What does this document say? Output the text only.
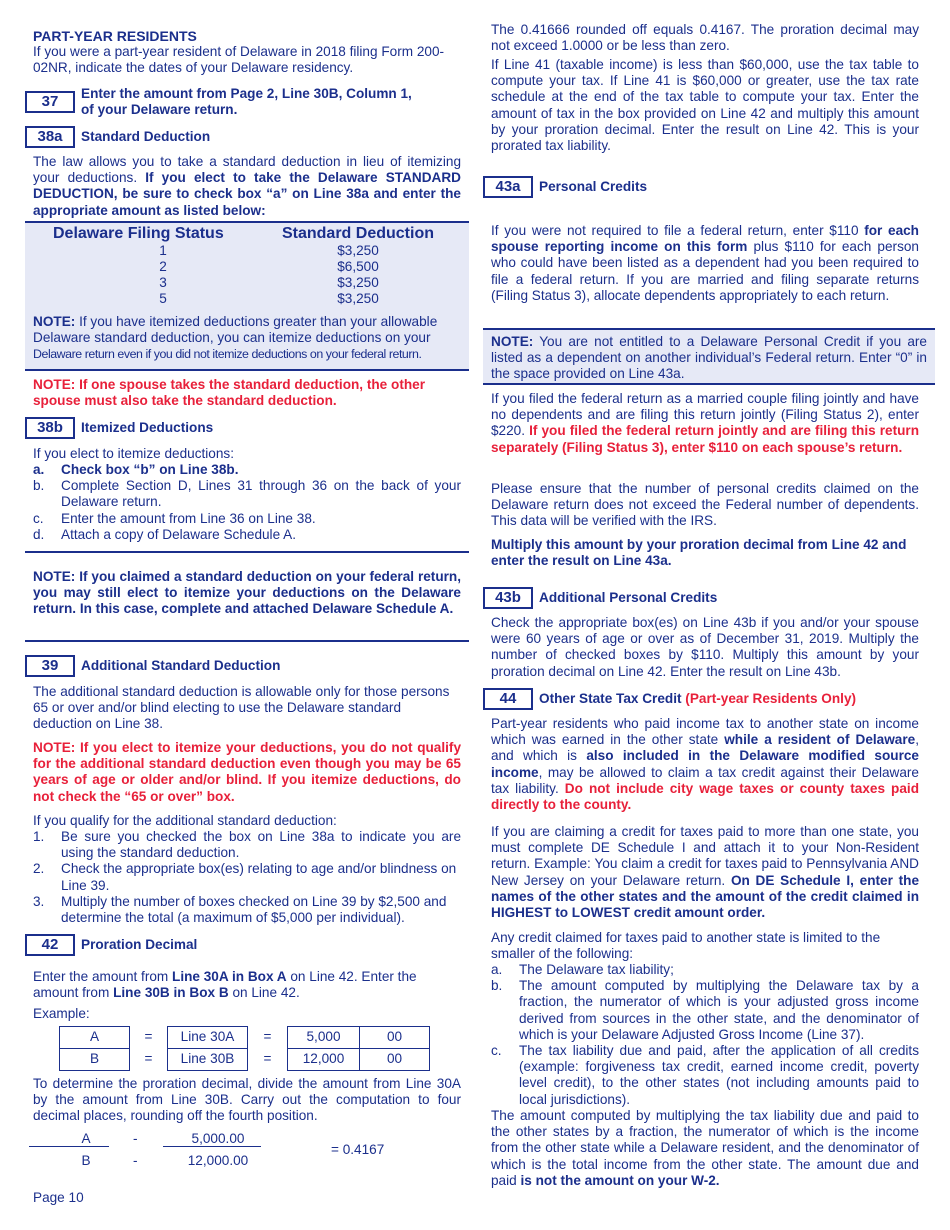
PART-YEAR RESIDENTS

If you were a part-year resident of Delaware in 2018 filing Form 200-02NR, indicate the dates of your Delaware residency.

37	Enter the amount from Page 2, Line 30B, Column 1,
of your Delaware return.
38a	Standard Deduction

The law allows you to take a standard deduction in lieu of itemizing your deductions. If you elect to take the Delaware STANDARD DEDUCTION, be sure to check box “a” on Line 38a and enter the appropriate amount as listed below:

Delaware Filing Status	Standard Deduction
1	$3,250
2	$6,500
3	$3,250
5	$3,250
NOTE: If you have itemized deductions greater than your allowable Delaware standard deduction, you can itemize deductions on your
Delaware return even if you did not itemize deductions on your federal return.

NOTE: If one spouse takes the standard deduction, the other spouse must also take the standard deduction.

38b	Itemized Deductions

If you elect to itemize deductions:

a.	Check box “b” on Line 38b.
b.	Complete Section D, Lines 31 through 36 on the back of your Delaware return.
c.	Enter the amount from Line 36 on Line 38.
d.	Attach a copy of Delaware Schedule A.

NOTE: If you claimed a standard deduction on your federal return, you may still elect to itemize your deductions on the Delaware return. In this case, complete and attached Delaware Schedule A.

39	Additional Standard Deduction

The additional standard deduction is allowable only for those persons 65 or over and/or blind electing to use the Delaware standard deduction on Line 38.

NOTE: If you elect to itemize your deductions, you do not qualify for the additional standard deduction even though you may be 65 years of age or older and/or blind. If you itemize deductions, do not check the “65 or over” box.

If you qualify for the additional standard deduction:

1.	Be sure you checked the box on Line 38a to indicate you are using the standard deduction.
2.	Check the appropriate box(es) relating to age and/or blindness on Line 39.
3.	Multiply the number of boxes checked on Line 39 by $2,500 and determine the total (a maximum of $5,000 per individual).
42	Proration Decimal

Enter the amount from Line 30A in Box A on Line 42. Enter the amount from Line 30B in Box B on Line 42.

Example:

A	=	Line 30A	=	5,000	00
B	=	Line 30B	=	12,000	00

To determine the proration decimal, divide the amount from Line 30A by the amount from Line 30B. Carry out the computation to four decimal places, rounding off the fourth position.

A	-	5,000.00
B	-	12,000.00
= 0.4167

Page 10

The 0.41666 rounded off equals 0.4167. The proration decimal may not exceed 1.0000 or be less than zero.

If Line 41 (taxable income) is less than $60,000, use the tax table to compute your tax. If Line 41 is $60,000 or greater, use the tax rate schedule at the end of the tax table to compute your tax. Enter the amount of tax in the box provided on Line 42 and multiply this amount by your proration decimal. Enter the result on Line 42. This is your prorated tax liability.

43a	Personal Credits

If you were not required to file a federal return, enter $110 for each spouse reporting income on this form plus $110 for each person who could have been listed as a dependent had you been required to file a federal return. If you are married and filing separate returns (Filing Status 3), allocate dependents appropriately to each return.

NOTE: You are not entitled to a Delaware Personal Credit if you are listed as a dependent on another individual’s Federal return. Enter “0” in the space provided on Line 43a.

If you filed the federal return as a married couple filing jointly and have no dependents and are filing this return jointly (Filing Status 2), enter $220. If you filed the federal return jointly and are filing this return separately (Filing Status 3), enter $110 on each spouse’s return.

Please ensure that the number of personal credits claimed on the Delaware return does not exceed the Federal number of dependents. This data will be verified with the IRS.

Multiply this amount by your proration decimal from Line 42 and enter the result on Line 43a.

43b	Additional Personal Credits

Check the appropriate box(es) on Line 43b if you and/or your spouse were 60 years of age or over as of December 31, 2019. Multiply the number of checked boxes by $110. Multiply this amount by your proration decimal on Line 42. Enter the result on Line 43b.

44	Other State Tax Credit (Part-year Residents Only)

Part-year residents who paid income tax to another state on income which was earned in the other state while a resident of Delaware, and which is also included in the Delaware modified source income, may be allowed to claim a tax credit against their Delaware tax liability. Do not include city wage taxes or county taxes paid directly to the county.

If you are claiming a credit for taxes paid to more than one state, you must complete DE Schedule I and attach it to your Non-Resident return. Example: You claim a credit for taxes paid to Pennsylvania AND New Jersey on your Delaware return. On DE Schedule I, enter the names of the other states and the amount of the credit claimed in HIGHEST to LOWEST credit amount order.

Any credit claimed for taxes paid to another state is limited to the smaller of the following:

a.	The Delaware tax liability;
b.	The amount computed by multiplying the Delaware tax by a fraction, the numerator of which is your adjusted gross income derived from sources in the other state, and the denominator of which is your Delaware Adjusted Gross Income (Line 37).
c.	The tax liability due and paid, after the application of all credits (example: forgiveness tax credit, earned income credit, poverty level credit), to the other states (not including amounts paid to local jurisdictions).

The amount computed by multiplying the tax liability due and paid to the other states by a fraction, the numerator of which is the income from the other state while a Delaware resident, and the denominator of which is the total income from the other state. The amount due and paid is not the amount on your W-2.
